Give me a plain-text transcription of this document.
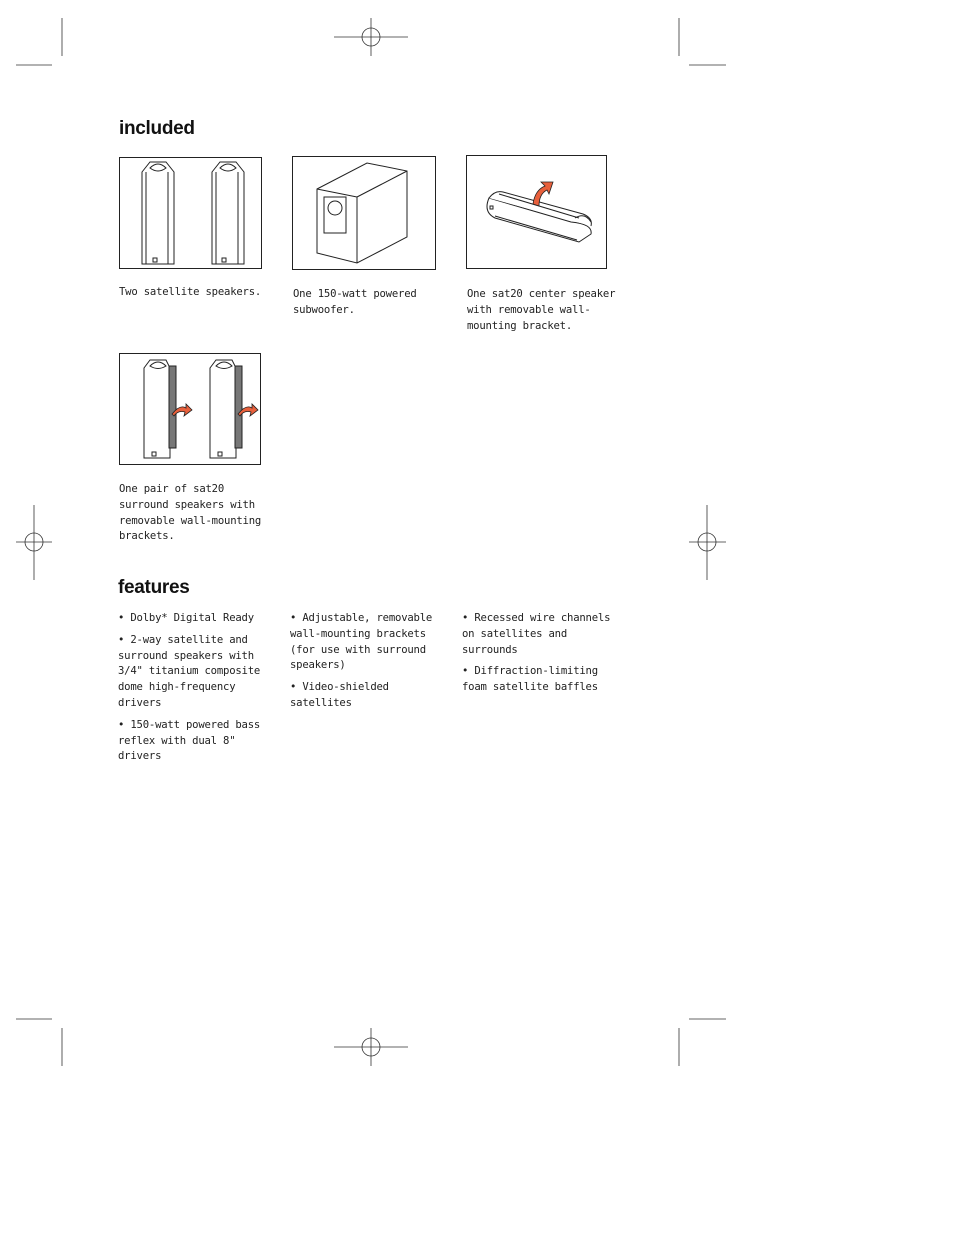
included
Two satellite speakers.	One 150-watt powered subwoofer.
One sat20 center speaker with removable wall-mounting bracket.
One pair of sat20 surround speakers with removable wall-mounting brackets.
features

• Dolby* Digital Ready

• 2-way satellite and surround speakers with 3/4" titanium composite dome high-frequency drivers

• 150-watt powered bass reflex with dual 8" drivers

• Adjustable, removable wall-mounting brackets (for use with surround speakers)

• Video-shielded satellites

• Recessed wire channels on satellites and surrounds

• Diffraction-limiting foam satellite baffles
